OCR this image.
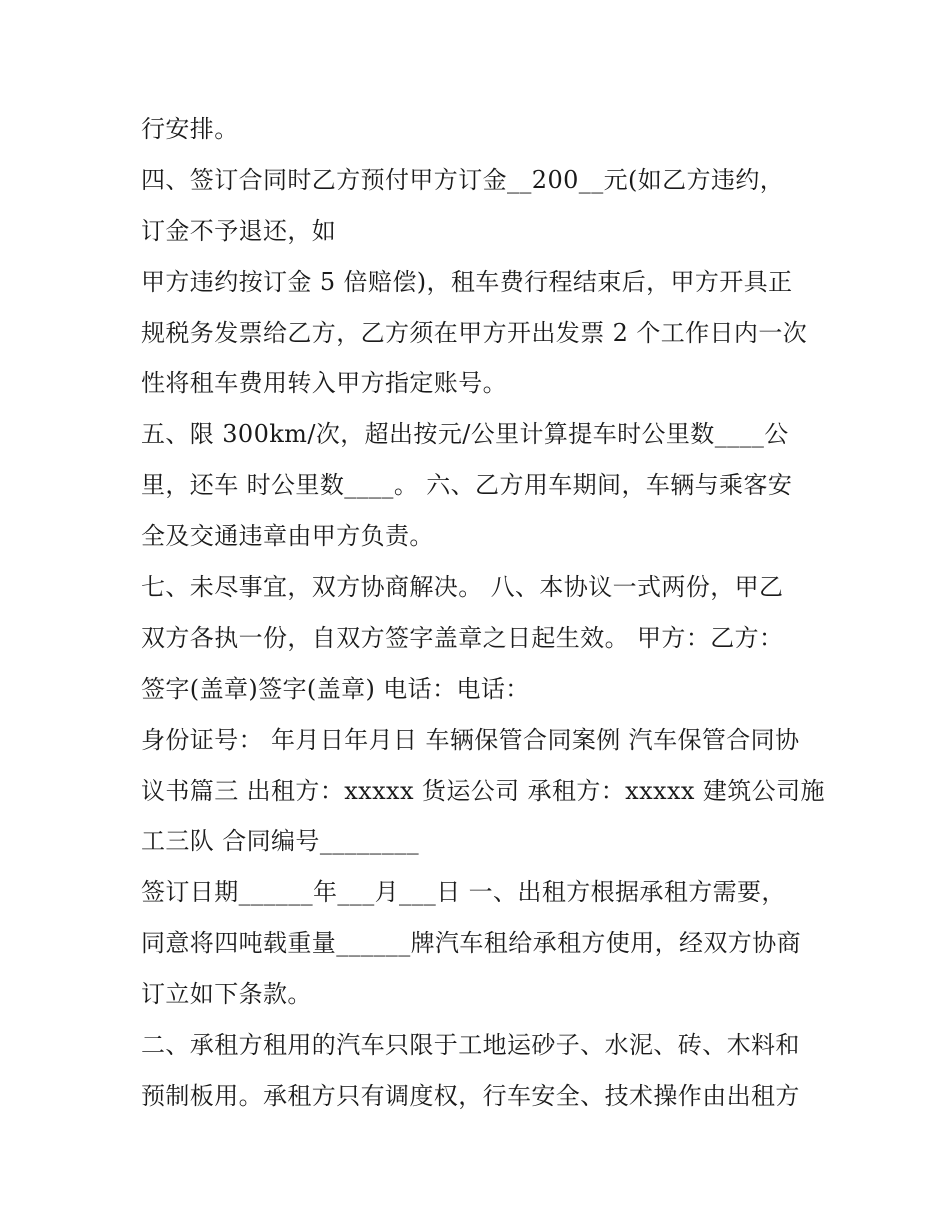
行安排。
四、签订合同时乙方预付甲方订金__200__元(如乙方违约，
订金不予退还，如
甲方违约按订金 5 倍赔偿)，租车费行程结束后，甲方开具正
规税务发票给乙方，乙方须在甲方开出发票 2 个工作日内一次
性将租车费用转入甲方指定账号。
五、限 300km/次，超出按元/公里计算提车时公里数____公
里，还车 时公里数____。 六、乙方用车期间，车辆与乘客安
全及交通违章由甲方负责。
七、未尽事宜，双方协商解决。 八、本协议一式两份，甲乙
双方各执一份，自双方签字盖章之日起生效。 甲方：乙方：
签字(盖章)签字(盖章) 电话：电话：
身份证号： 年月日年月日 车辆保管合同案例 汽车保管合同协
议书篇三 出租方：xxxxx 货运公司 承租方：xxxxx 建筑公司施
工三队 合同编号________
签订日期______年___月___日 一、出租方根据承租方需要，
同意将四吨载重量______牌汽车租给承租方使用，经双方协商
订立如下条款。
二、承租方租用的汽车只限于工地运砂子、水泥、砖、木料和
预制板用。承租方只有调度权，行车安全、技术操作由出租方
